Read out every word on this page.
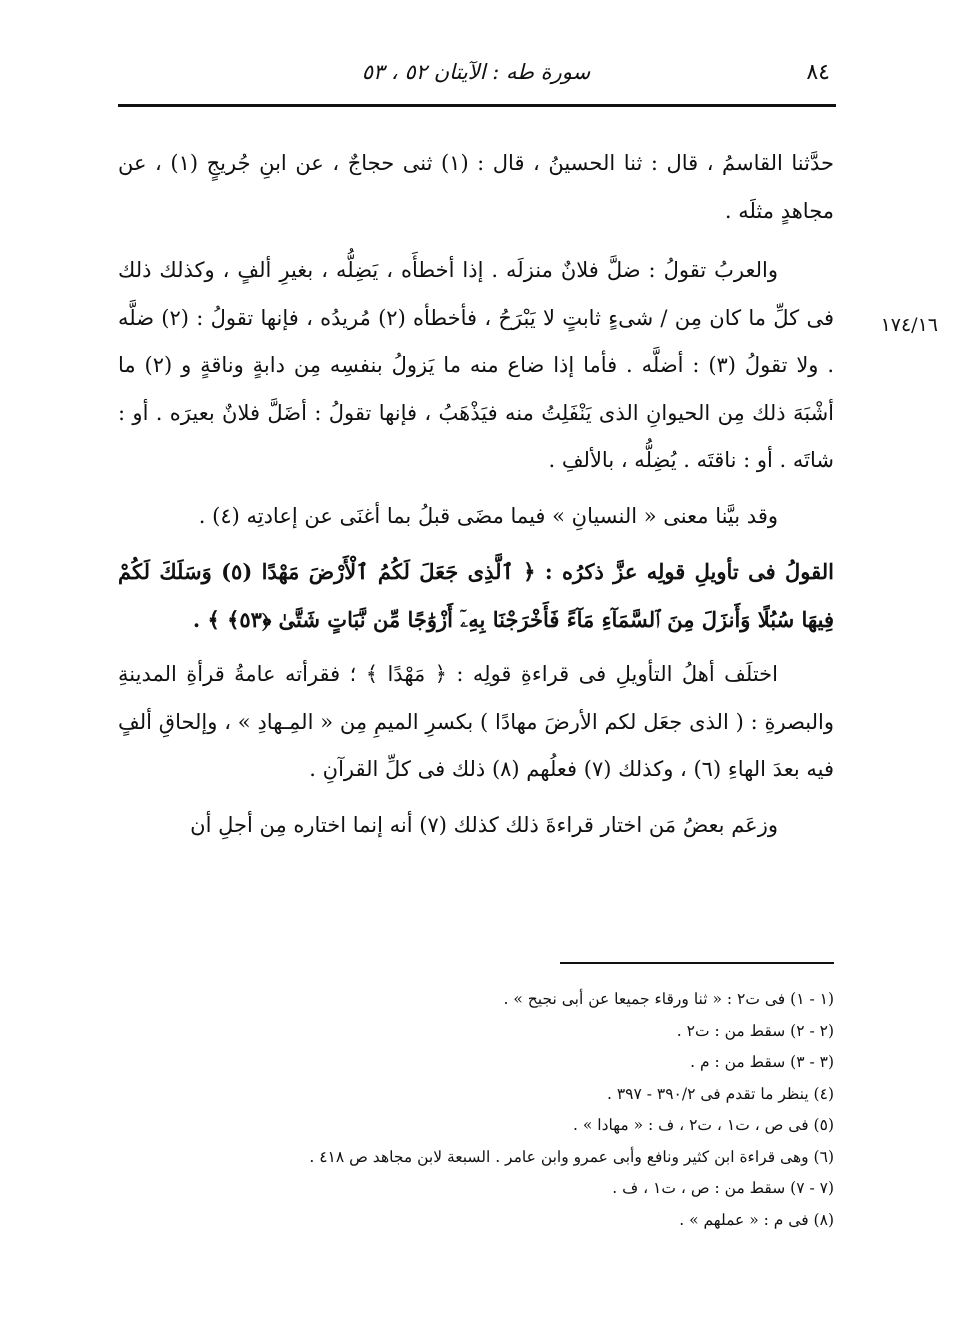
٨٤
سورة طه : الآيتان ٥٢ ، ٥٣
١٧٤/١٦

حدَّثنا القاسمُ ، قال : ثنا الحسينُ ، قال : (١) ثنى حجاجٌ ، عن ابنِ جُريجٍ (١) ، عن مجاهدٍ مثلَه .

والعربُ تقولُ : ضلَّ فلانٌ منزلَه . إذا أخطأَه ، يَضِلُّه ، بغيرِ ألفٍ ، وكذلك ذلك فى كلِّ ما كان مِن / شىءٍ ثابتٍ لا يَبْرَحُ ، فأخطأه (٢) مُريدُه ، فإنها تقولُ : (٢) ضلَّه . ولا تقولُ (٣) : أضلَّه . فأما إذا ضاع منه ما يَزولُ بنفسِه مِن دابةٍ وناقةٍ و (٢) ما أشْبَهَ ذلك مِن الحيوانِ الذى يَنْفَلِتُ منه فيَذْهَبُ ، فإنها تقولُ : أضَلَّ فلانٌ بعيرَه . أو : شاتَه . أو : ناقتَه . يُضِلُّه ، بالألفِ .

وقد بيَّنا معنى « النسيانِ » فيما مضَى قبلُ بما أغنَى عن إعادتِه (٤) .

القولُ فى تأويلِ قولِه عزَّ ذكرُه : ﴿ ٱلَّذِى جَعَلَ لَكُمُ ٱلْأَرْضَ مَهْدًا (٥) وَسَلَكَ لَكُمْ فِيهَا سُبُلًا وَأَنزَلَ مِنَ ٱلسَّمَآءِ مَآءً فَأَخْرَجْنَا بِهِۦٓ أَزْوَٰجًا مِّن نَّبَاتٍ شَتَّىٰ ﴿٥٣﴾ ﴾ .

اختلَف أهلُ التأويلِ فى قراءةِ قولِه : ﴿ مَهْدًا ﴾ ؛ فقرأته عامةُ قرأةِ المدينةِ والبصرةِ : ( الذى جعَل لكم الأرضَ مهادًا ) بكسرِ الميمِ مِن « المِـهادِ » ، وإلحاقِ ألفٍ فيه بعدَ الهاءِ (٦) ، وكذلك (٧) فعلُهم (٨) ذلك فى كلِّ القرآنِ .

وزعَم بعضُ مَن اختار قراءةَ ذلك كذلك (٧) أنه إنما اختاره مِن أجلِ أن

(١ - ١) فى ت٢ : « ثنا ورقاء جميعا عن أبى نجيح » .
(٢ - ٢) سقط من : ت٢ .
(٣ - ٣) سقط من : م .
(٤) ينظر ما تقدم فى ٣٩٠/٢ - ٣٩٧ .
(٥) فى ص ، ت١ ، ت٢ ، ف : « مهادا » .
(٦) وهى قراءة ابن كثير ونافع وأبى عمرو وابن عامر . السبعة لابن مجاهد ص ٤١٨ .
(٧ - ٧) سقط من : ص ، ت١ ، ف .
(٨) فى م : « عملهم » .
